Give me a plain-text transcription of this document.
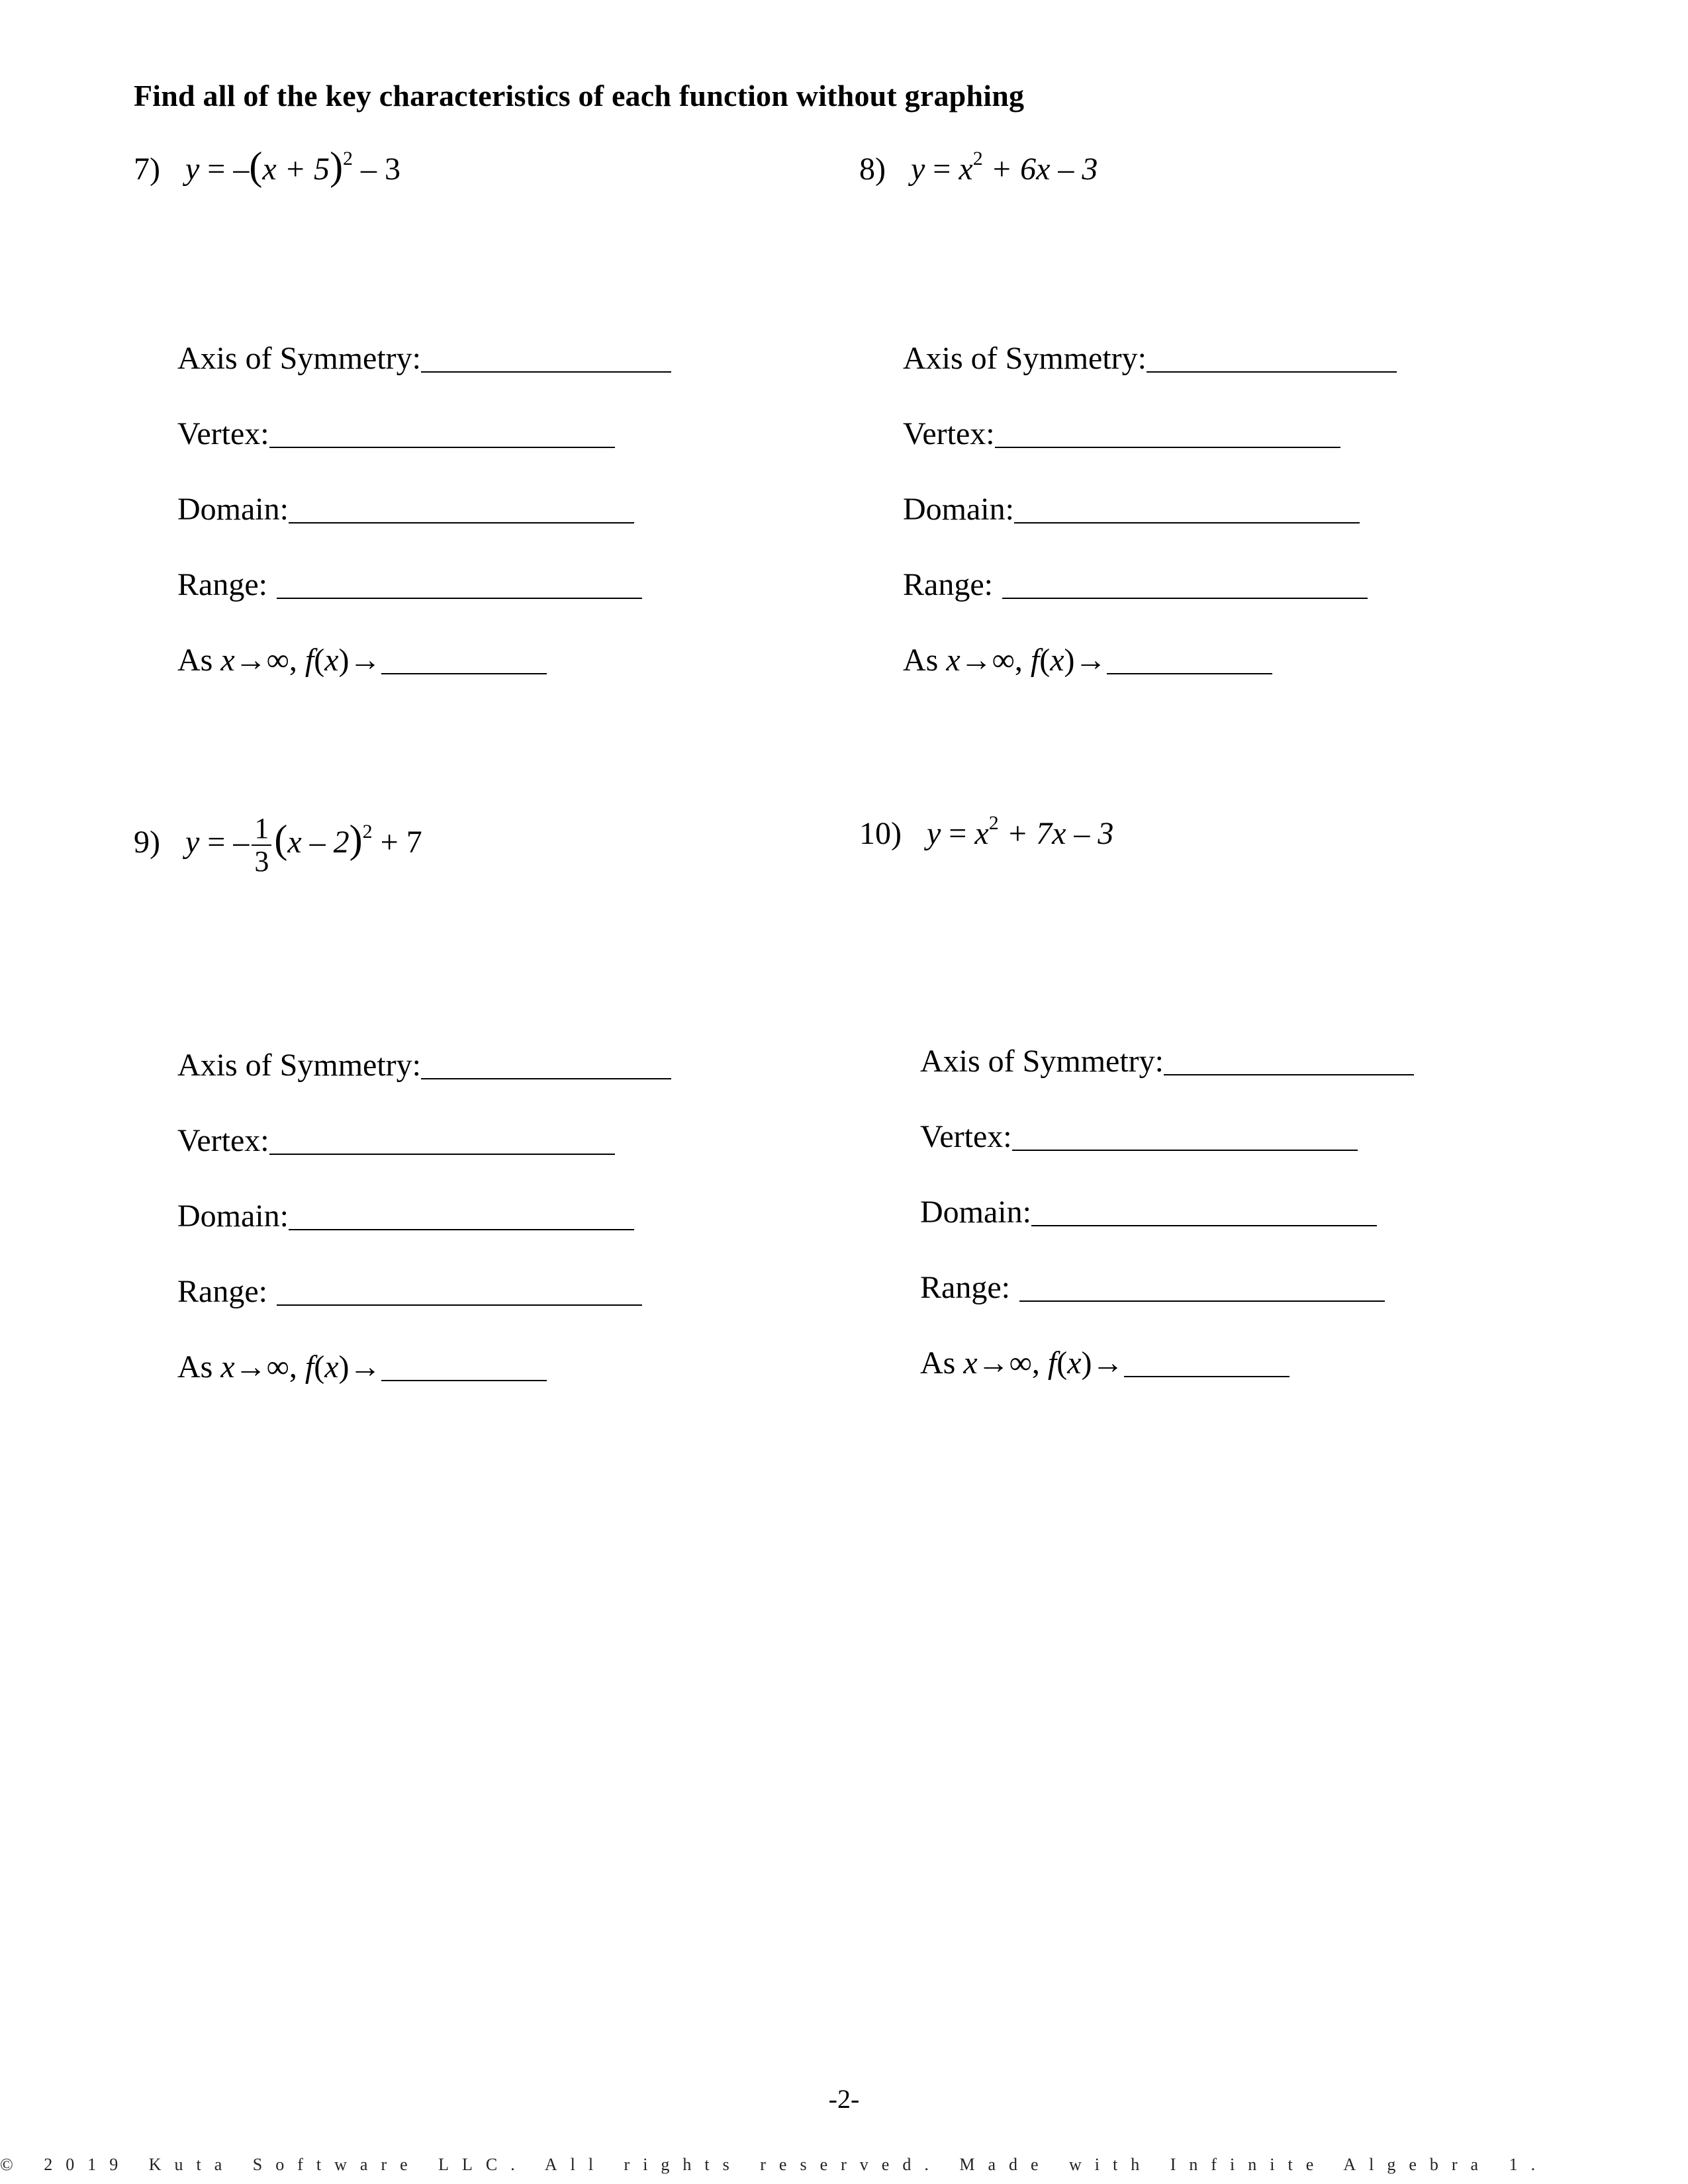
Find all of the key characteristics of each function without graphing
7) $y = -(x + 5)^2 - 3$	8) $y = x^2 + 6x - 3$
Axis of Symmetry:
Vertex:
Domain:
Range:
As
x →∞,
f ( x ) →
Axis of Symmetry:
Vertex:
Domain:
Range:
As
x →∞,
f ( x ) →
9) y = – $\frac{1}{3} (x - 2)^2 + 7$	10) $y = x^2 + 7x - 3$
Axis of Symmetry:
Vertex:
Domain:
Range:
As
x →∞,
f ( x ) →
Axis of Symmetry:
Vertex:
Domain:
Range:
As
x →∞,
f ( x ) →
-2-
© 2019 Kuta Software LLC. All rights reserved. Made with Infinite Algebra 1.
